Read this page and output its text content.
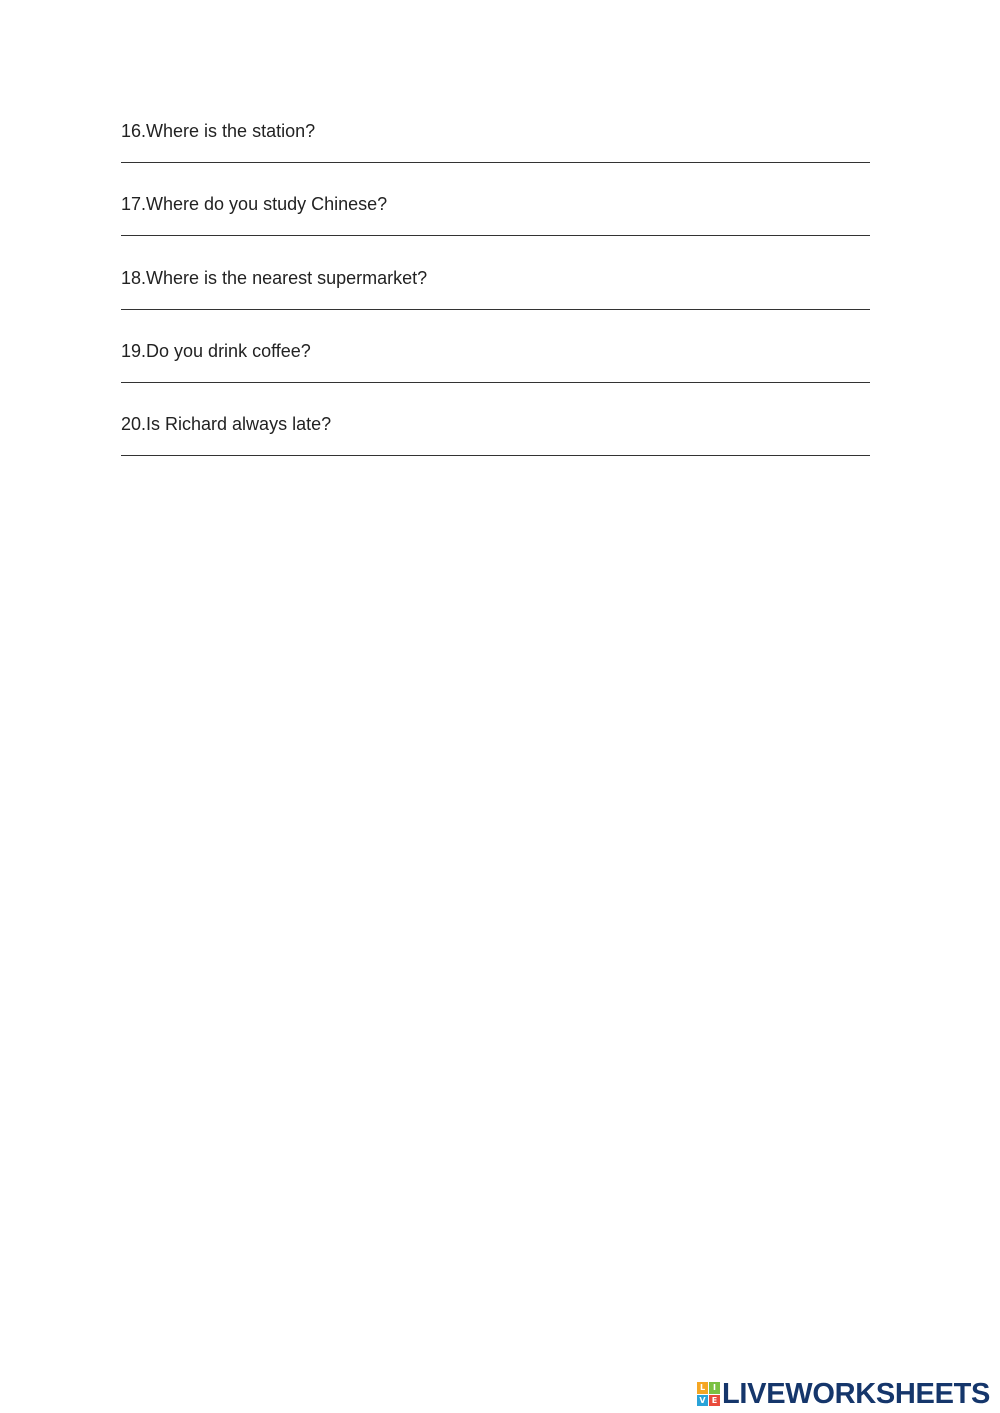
16.Where is the station?
17.Where do you study Chinese?
18.Where is the nearest supermarket?
19.Do you drink coffee?
20.Is Richard always late?
L I
V E LIVEWORKSHEETS
